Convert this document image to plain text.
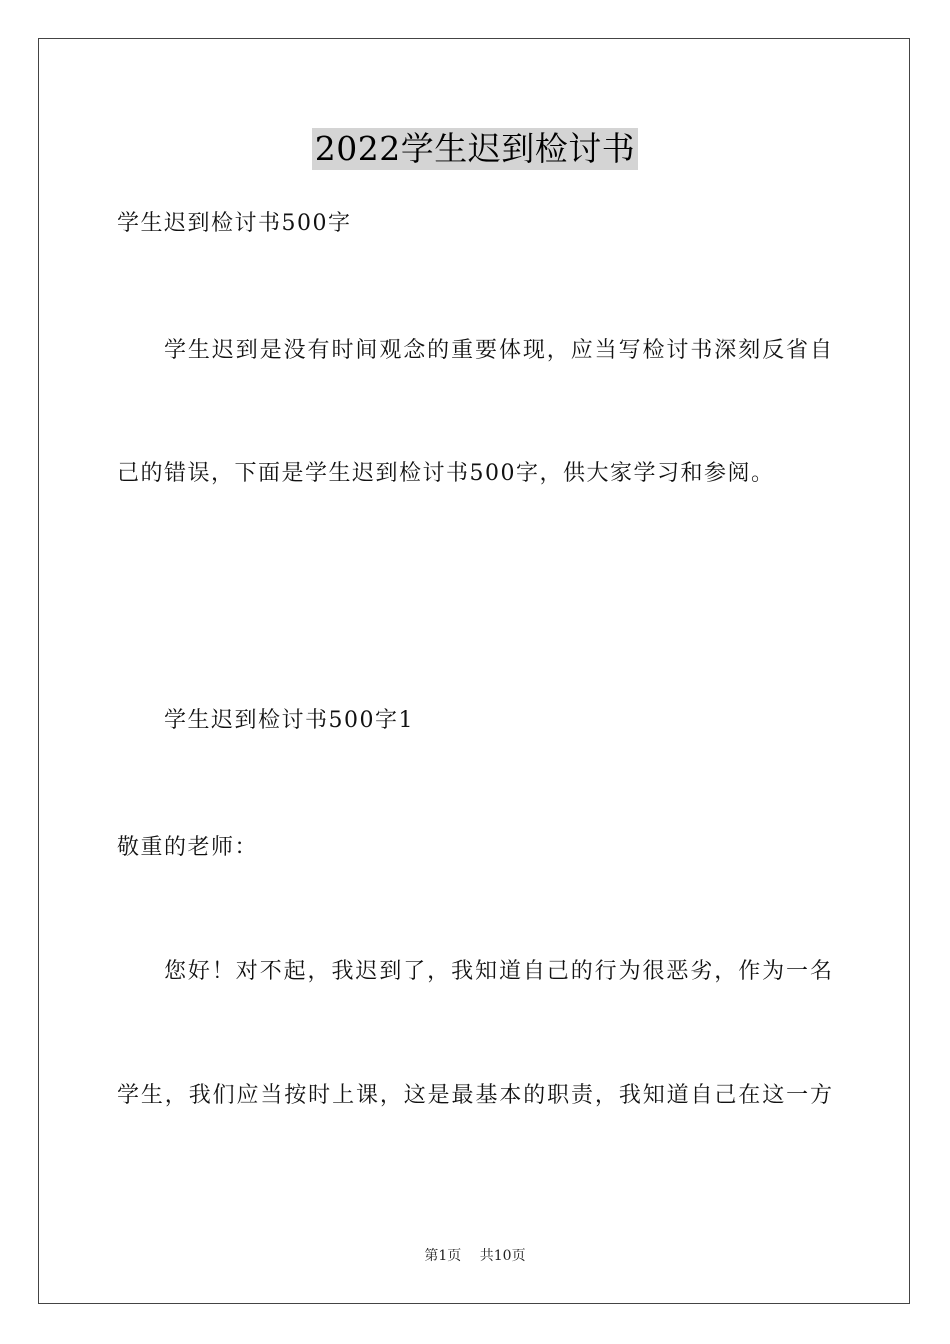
2022学生迟到检讨书
学生迟到检讨书500字
学生迟到是没有时间观念的重要体现，应当写检讨书深刻反省自
己的错误，下面是学生迟到检讨书500字，供大家学习和参阅。
学生迟到检讨书500字1
敬重的老师：
您好！对不起，我迟到了，我知道自己的行为很恶劣，作为一名
学生，我们应当按时上课，这是最基本的职责，我知道自己在这一方
第1页 共10页
